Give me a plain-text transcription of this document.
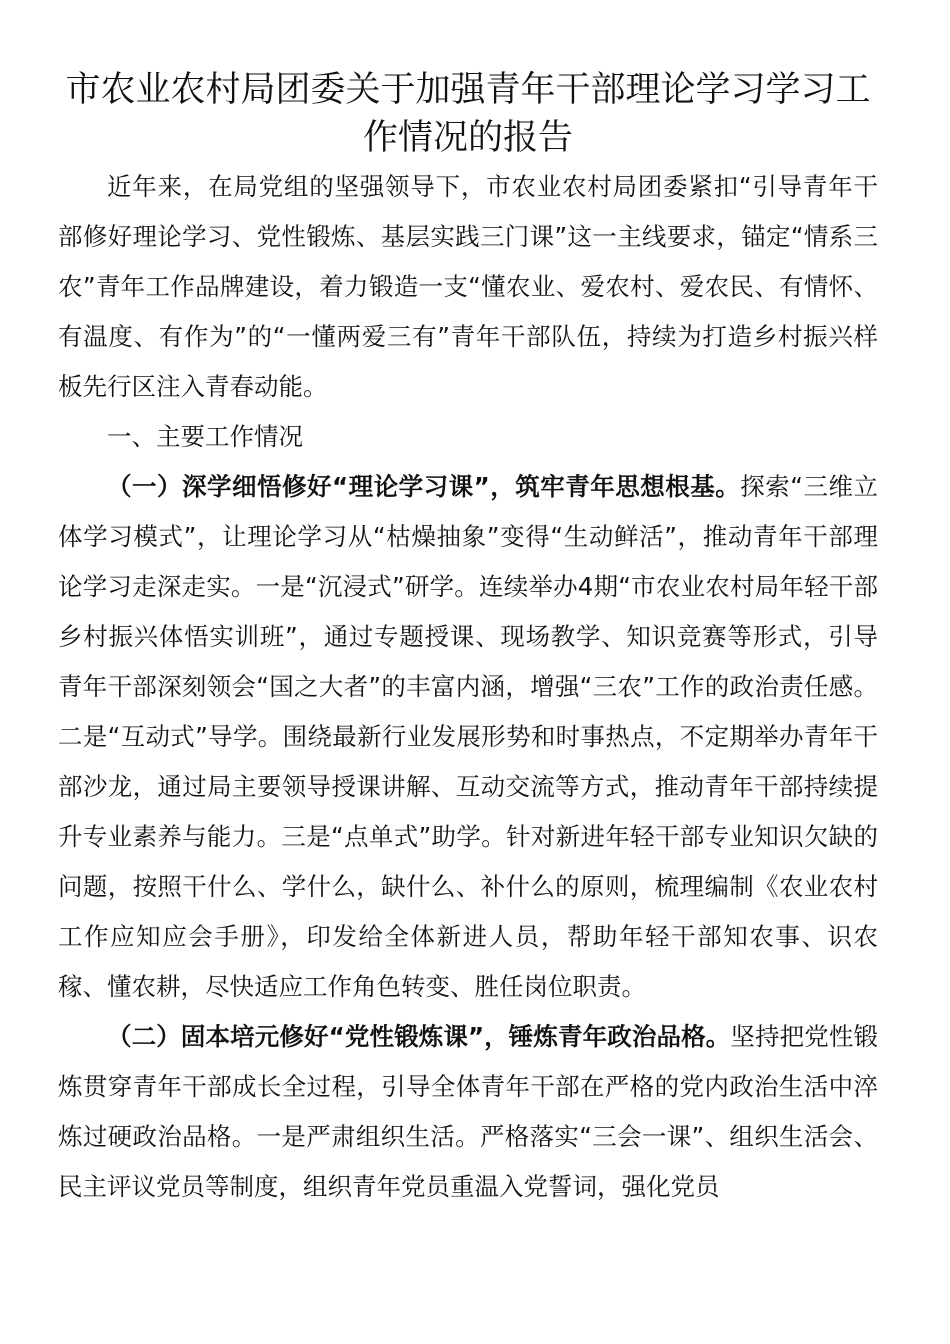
市农业农村局团委关于加强青年干部理论学习学习工作情况的报告

近年来，在局党组的坚强领导下，市农业农村局团委紧扣“引导青年干部修好理论学习、党性锻炼、基层实践三门课”这一主线要求，锚定“情系三农”青年工作品牌建设，着力锻造一支“懂农业、爱农村、爱农民、有情怀、有温度、有作为”的“一懂两爱三有”青年干部队伍，持续为打造乡村振兴样板先行区注入青春动能。

一、主要工作情况

（一）深学细悟修好“理论学习课”，筑牢青年思想根基。探索“三维立体学习模式”，让理论学习从“枯燥抽象”变得“生动鲜活”，推动青年干部理论学习走深走实。一是“沉浸式”研学。连续举办4期“市农业农村局年轻干部乡村振兴体悟实训班”，通过专题授课、现场教学、知识竞赛等形式，引导青年干部深刻领会“国之大者”的丰富内涵，增强“三农”工作的政治责任感。二是“互动式”导学。围绕最新行业发展形势和时事热点，不定期举办青年干部沙龙，通过局主要领导授课讲解、互动交流等方式，推动青年干部持续提升专业素养与能力。三是“点单式”助学。针对新进年轻干部专业知识欠缺的问题，按照干什么、学什么，缺什么、补什么的原则，梳理编制《农业农村工作应知应会手册》，印发给全体新进人员，帮助年轻干部知农事、识农稼、懂农耕，尽快适应工作角色转变、胜任岗位职责。

（二）固本培元修好“党性锻炼课”，锤炼青年政治品格。坚持把党性锻炼贯穿青年干部成长全过程，引导全体青年干部在严格的党内政治生活中淬炼过硬政治品格。一是严肃组织生活。严格落实“三会一课”、组织生活会、民主评议党员等制度，组织青年党员重温入党誓词，强化党员
